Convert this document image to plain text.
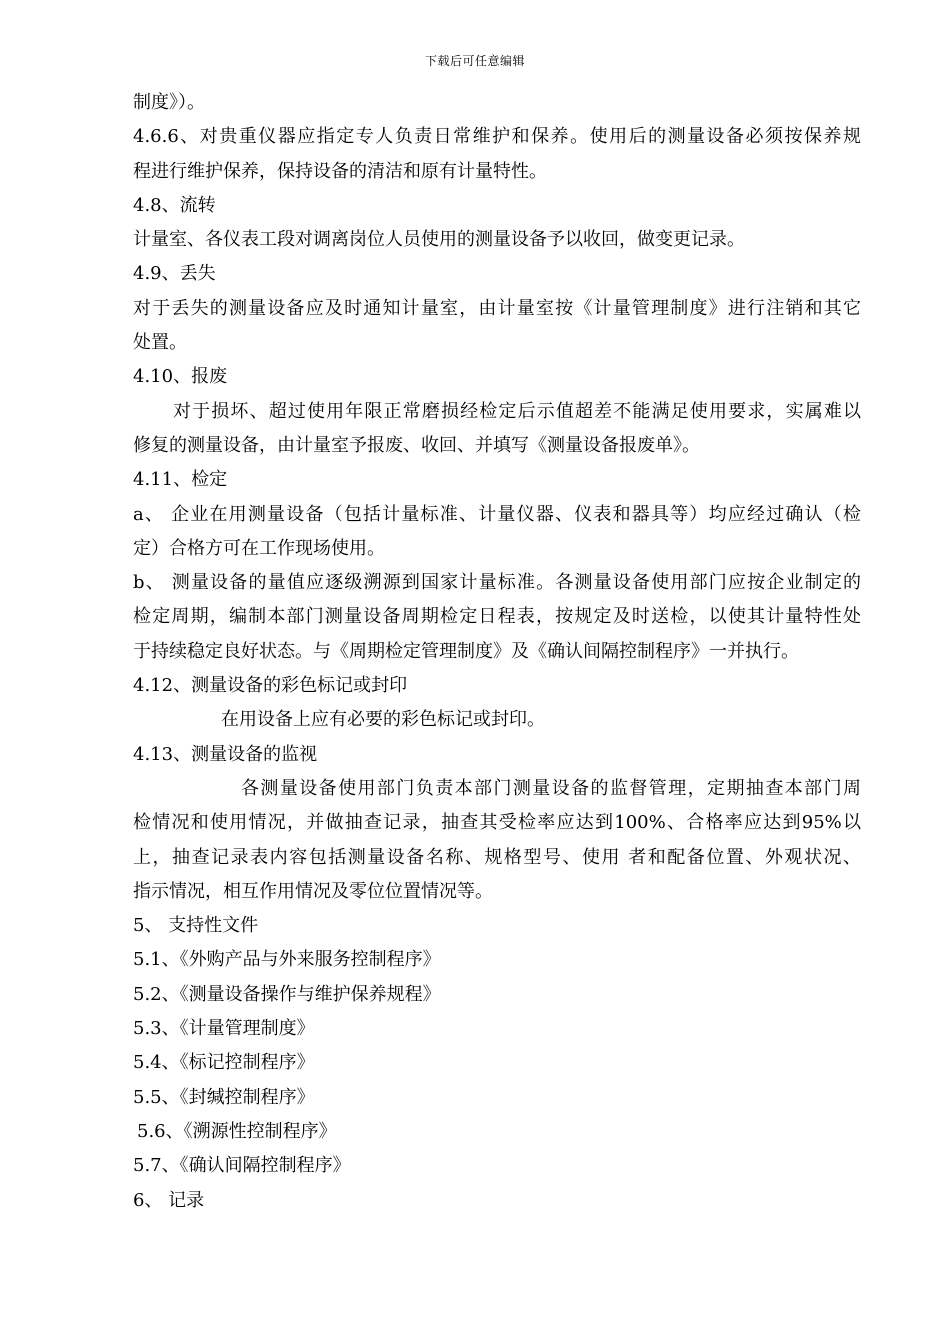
下载后可任意编辑
制度》）。
4.6.6、对贵重仪器应指定专人负责日常维护和保养。使用后的测量设备必须按保养规
程进行维护保养，保持设备的清洁和原有计量特性。
4.8、流转
计量室、各仪表工段对调离岗位人员使用的测量设备予以收回，做变更记录。
4.9、丢失
对于丢失的测量设备应及时通知计量室，由计量室按《计量管理制度》进行注销和其它
处置。
4.10、报废
对于损坏、超过使用年限正常磨损经检定后示值超差不能满足使用要求，实属难以
修复的测量设备，由计量室予报废、收回、并填写《测量设备报废单》。
4.11、检定
a、 企业在用测量设备（包括计量标准、计量仪器、仪表和器具等）均应经过确认（检
定）合格方可在工作现场使用。
b、 测量设备的量值应逐级溯源到国家计量标准。各测量设备使用部门应按企业制定的
检定周期，编制本部门测量设备周期检定日程表，按规定及时送检，以使其计量特性处
于持续稳定良好状态。与《周期检定管理制度》及《确认间隔控制程序》一并执行。
4.12、测量设备的彩色标记或封印
在用设备上应有必要的彩色标记或封印。
4.13、测量设备的监视
各测量设备使用部门负责本部门测量设备的监督管理，定期抽查本部门周
检情况和使用情况，并做抽查记录，抽查其受检率应达到100%、合格率应达到95%以
上，抽查记录表内容包括测量设备名称、规格型号、使用 者和配备位置、外观状况、
指示情况，相互作用情况及零位位置情况等。
5、 支持性文件
5.1、《外购产品与外来服务控制程序》
5.2、《测量设备操作与维护保养规程》
5.3、《计量管理制度》
5.4、《标记控制程序》
5.5、《封缄控制程序》
5.6、《溯源性控制程序》
5.7、《确认间隔控制程序》
6、 记录
